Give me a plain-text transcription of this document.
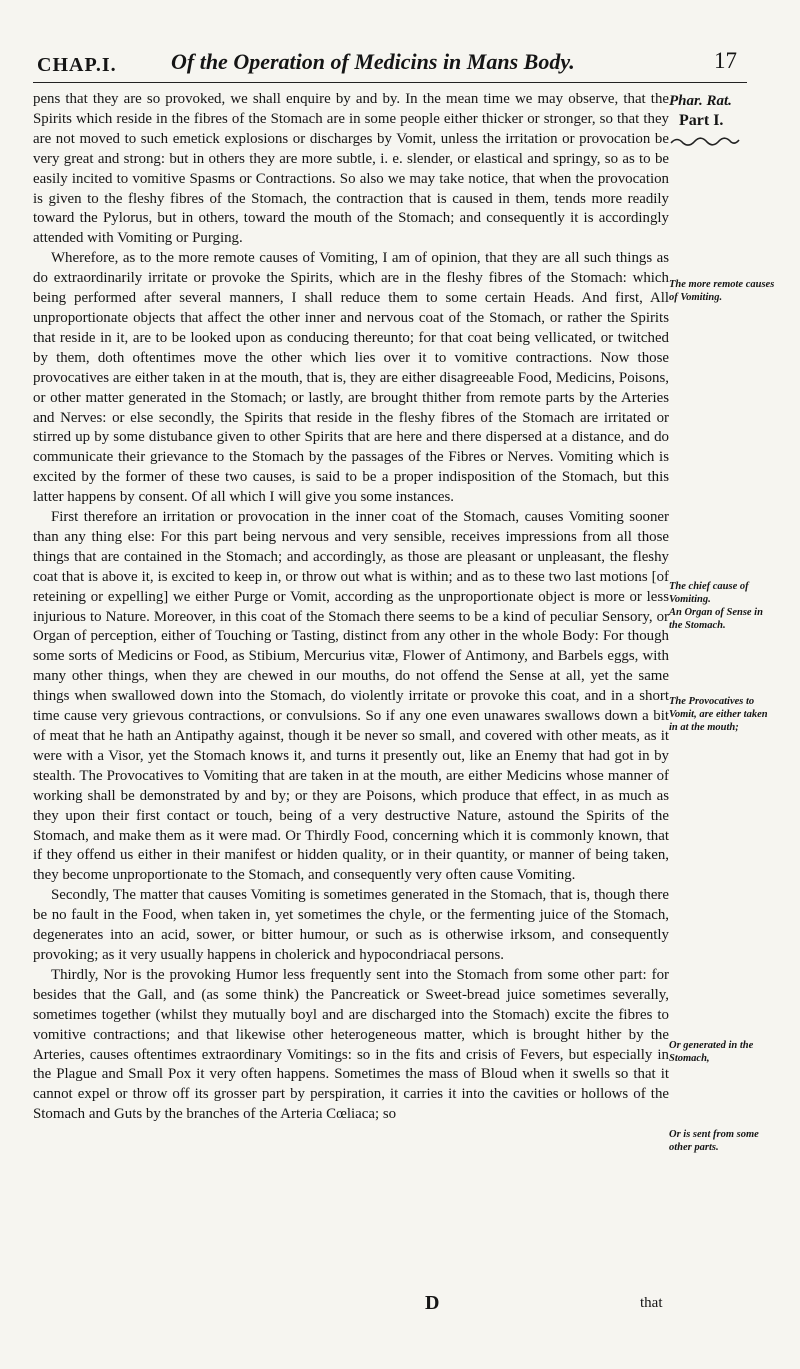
CHAP.I. Of the Operation of Medicins in Mans Body.	17

pens that they are so provoked, we shall enquire by and by. In the mean time we may observe, that the Spirits which reside in the fibres of the Stomach are in some people either thicker or stronger, so that they are not moved to such emetick explosions or discharges by Vomit, unless the irritation or provocation be very great and strong: but in others they are more subtle, i. e. slender, or elastical and springy, so as to be easily incited to vomitive Spasms or Contractions. So also we may take notice, that when the provocation is given to the fleshy fibres of the Stomach, the contraction that is caused in them, tends more readily toward the Pylorus, but in others, toward the mouth of the Stomach; and consequently it is accordingly attended with Vomiting or Purging.

Wherefore, as to the more remote causes of Vomiting, I am of opinion, that they are all such things as do extraordinarily irritate or provoke the Spirits, which are in the fleshy fibres of the Stomach: which being performed after several manners, I shall reduce them to some certain Heads. And first, All unproportionate objects that affect the other inner and nervous coat of the Stomach, or rather the Spirits that reside in it, are to be looked upon as conducing thereunto; for that coat being vellicated, or twitched by them, doth oftentimes move the other which lies over it to vomitive contractions. Now those provocatives are either taken in at the mouth, that is, they are either disagreeable Food, Medicins, Poisons, or other matter generated in the Stomach; or lastly, are brought thither from remote parts by the Arteries and Nerves: or else secondly, the Spirits that reside in the fleshy fibres of the Stomach are irritated or stirred up by some distubance given to other Spirits that are here and there dispersed at a distance, and do communicate their grievance to the Stomach by the passages of the Fibres or Nerves. Vomiting which is excited by the former of these two causes, is said to be a proper indisposition of the Stomach, but this latter happens by consent. Of all which I will give you some instances.

First therefore an irritation or provocation in the inner coat of the Stomach, causes Vomiting sooner than any thing else: For this part being nervous and very sensible, receives impressions from all those things that are contained in the Stomach; and accordingly, as those are pleasant or unpleasant, the fleshy coat that is above it, is excited to keep in, or throw out what is within; and as to these two last motions [of reteining or expelling] we either Purge or Vomit, according as the unproportionate object is more or less injurious to Nature. Moreover, in this coat of the Stomach there seems to be a kind of peculiar Sensory, or Organ of perception, either of Touching or Tasting, distinct from any other in the whole Body: For though some sorts of Medicins or Food, as Stibium, Mercurius vitæ, Flower of Antimony, and Barbels eggs, with many other things, when they are chewed in our mouths, do not offend the Sense at all, yet the same things when swallowed down into the Stomach, do violently irritate or provoke this coat, and in a short time cause very grievous contractions, or convulsions. So if any one even unawares swallows down a bit of meat that he hath an Antipathy against, though it be never so small, and covered with other meats, as it were with a Visor, yet the Stomach knows it, and turns it presently out, like an Enemy that had got in by stealth. The Provocatives to Vomiting that are taken in at the mouth, are either Medicins whose manner of working shall be demonstrated by and by; or they are Poisons, which produce that effect, in as much as they upon their first contact or touch, being of a very destructive Nature, astound the Spirits of the Stomach, and make them as it were mad. Or Thirdly Food, concerning which it is commonly known, that if they offend us either in their manifest or hidden quality, or in their quantity, or manner of being taken, they become unproportionate to the Stomach, and consequently very often cause Vomiting.

Secondly, The matter that causes Vomiting is sometimes generated in the Stomach, that is, though there be no fault in the Food, when taken in, yet sometimes the chyle, or the fermenting juice of the Stomach, degenerates into an acid, sower, or bitter humour, or such as is otherwise irksom, and consequently provoking; as it very usually happens in cholerick and hypocondriacal persons.

Thirdly, Nor is the provoking Humor less frequently sent into the Stomach from some other part: for besides that the Gall, and (as some think) the Pancreatick or Sweet-bread juice sometimes severally, sometimes together (whilst they mutually boyl and are discharged into the Stomach) excite the fibres to vomitive contractions; and that likewise other heterogeneous matter, which is brought hither by the Arteries, causes oftentimes extraordinary Vomitings: so in the fits and crisis of Fevers, but especially in the Plague and Small Pox it very often happens. Sometimes the mass of Bloud when it swells so that it cannot expel or throw off its grosser part by perspiration, it carries it into the cavities or hollows of the Stomach and Guts by the branches of the Arteria Cœliaca; so

Phar. Rat.
Part I.
The more remote causes of Vomiting.
The chief cause of Vomiting.
An Organ of Sense in the Stomach.
The Provocatives to Vomit, are either taken in at the mouth;
Or generated in the Stomach,
Or is sent from some other parts.
D	that
